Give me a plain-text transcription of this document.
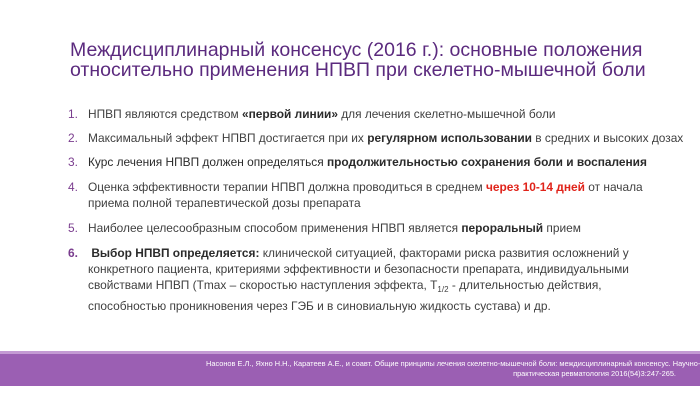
Междисциплинарный консенсус (2016 г.): основные положения
относительно применения НПВП при скелетно-мышечной боли
1. НПВП являются средством «первой линии» для лечения скелетно-мышечной боли
2. Максимальный эффект НПВП достигается при их регулярном использовании в средних и высоких дозах
3. Курс лечения НПВП должен определяться продолжительностью сохранения боли и воспаления
4. Оценка эффективности терапии НПВП должна проводиться в среднем через 10-14 дней от начала
приема полной терапевтической дозы препарата
5. Наиболее целесообразным способом применения НПВП является пероральный прием
6. Выбор НПВП определяется: клинической ситуацией, факторами риска развития осложнений у
конкретного пациента, критериями эффективности и безопасности препарата, индивидуальными
свойствами НПВП (Tmax – скоростью наступления эффекта, $T_{1/2}$ - длительностью действия,
способностью проникновения через ГЭБ и в синовиальную жидкость сустава) и др.
Насонов Е.Л., Яхно Н.Н., Каратеев А.Е., и соавт. Общие принципы лечения скелетно-мышечной боли: междисциплинарный консенсус. Научно-
практическая ревматология 2016(54)3:247-265.
